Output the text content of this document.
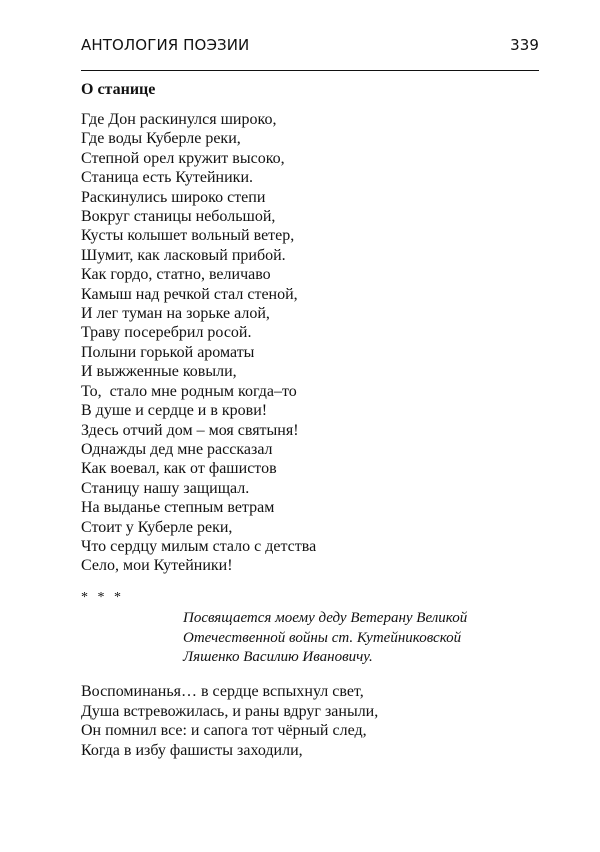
АНТОЛОГИЯ ПОЭЗИИ	339
О станице
Где Дон раскинулся широко,
Где воды Куберле реки,
Степной орел кружит высоко,
Станица есть Кутейники.
Раскинулись широко степи
Вокруг станицы небольшой,
Кусты колышет вольный ветер,
Шумит, как ласковый прибой.
Как гордо, статно, величаво
Камыш над речкой стал стеной,
И лег туман на зорьке алой,
Траву посеребрил росой.
Полыни горькой ароматы
И выжженные ковыли,
То,  стало мне родным когда–то
В душе и сердце и в крови!
Здесь отчий дом – моя святыня!
Однажды дед мне рассказал
Как воевал, как от фашистов
Станицу нашу защищал.
На выданье степным ветрам
Стоит у Куберле реки,
Что сердцу милым стало с детства
Село, мои Кутейники!
* * *
Посвящается моему деду Ветерану Великой
Отечественной войны ст. Кутейниковской
Ляшенко Василию Ивановичу.
Воспоминанья… в сердце вспыхнул свет,
Душа встревожилась, и раны вдруг заныли,
Он помнил все: и сапога тот чёрный след,
Когда в избу фашисты заходили,
